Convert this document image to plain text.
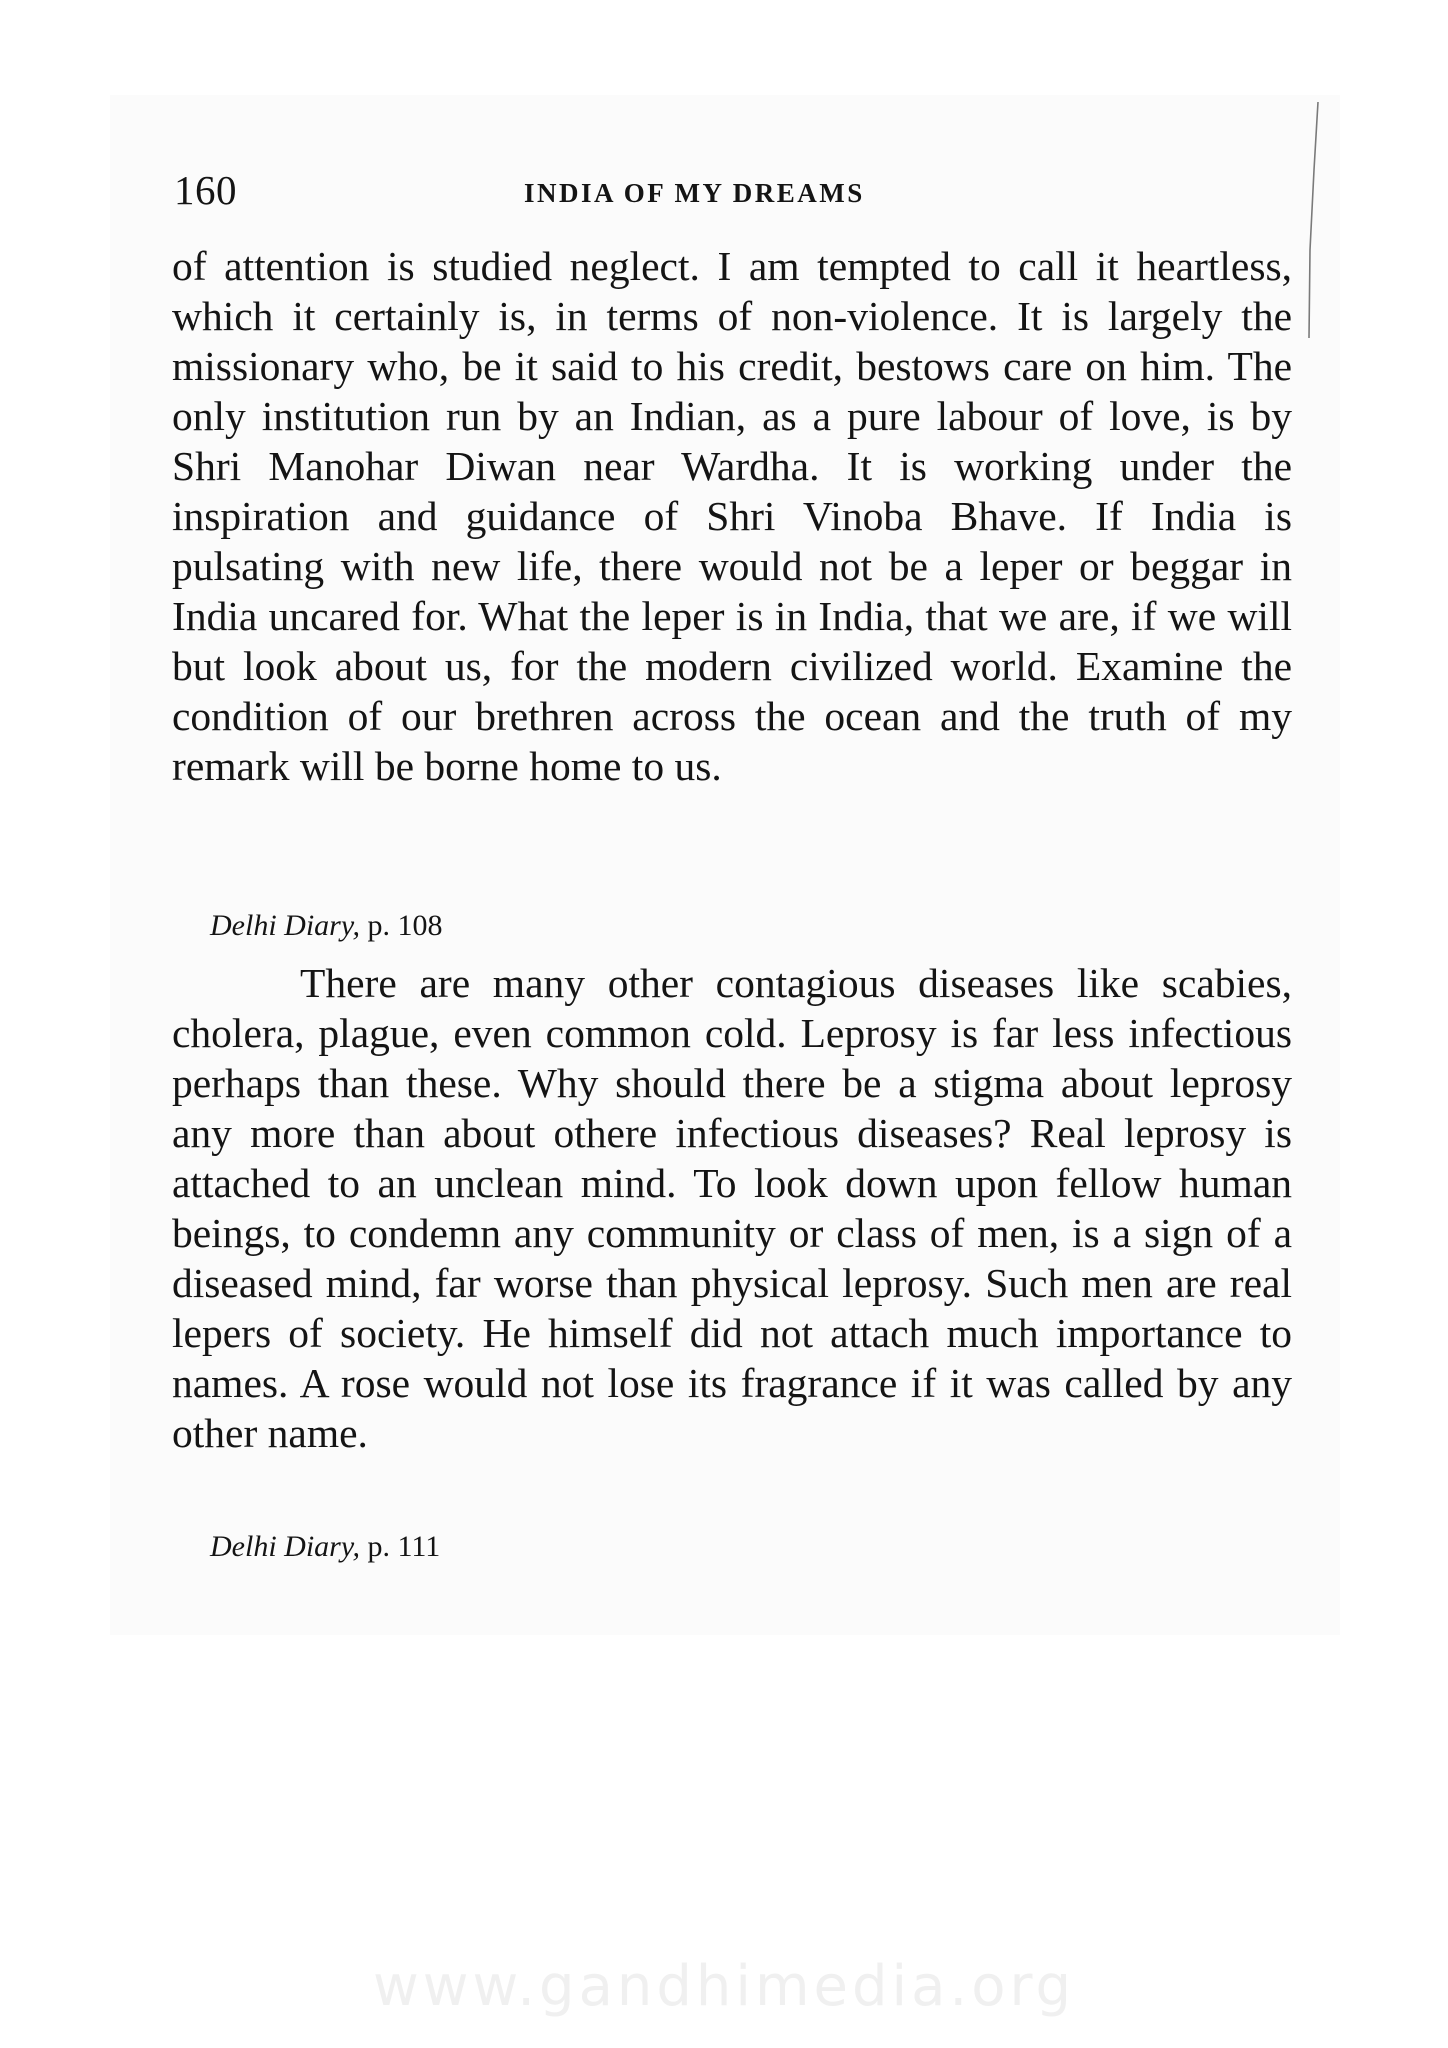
160	INDIA OF MY DREAMS

of attention is studied neglect. I am tempted to call it heartless, which it certainly is, in terms of non-violence. It is largely the missionary who, be it said to his credit, bestows care on him. The only institution run by an Indian, as a pure labour of love, is by Shri Manohar Diwan near Wardha. It is working under the inspiration and guidance of Shri Vinoba Bhave. If India is pulsating with new life, there would not be a leper or beggar in India uncared for. What the leper is in India, that we are, if we will but look about us, for the modern civilized world. Examine the condition of our brethren across the ocean and the truth of my remark will be borne home to us.

Delhi Diary, p. 108

There are many other contagious diseases like scabies, cholera, plague, even common cold. Leprosy is far less infectious perhaps than these. Why should there be a stigma about leprosy any more than about othere infectious diseases? Real leprosy is attached to an unclean mind. To look down upon fellow human beings, to condemn any community or class of men, is a sign of a diseased mind, far worse than physical leprosy. Such men are real lepers of society. He himself did not attach much importance to names. A rose would not lose its fragrance if it was called by any other name.

Delhi Diary, p. 111
www.gandhimedia.org
